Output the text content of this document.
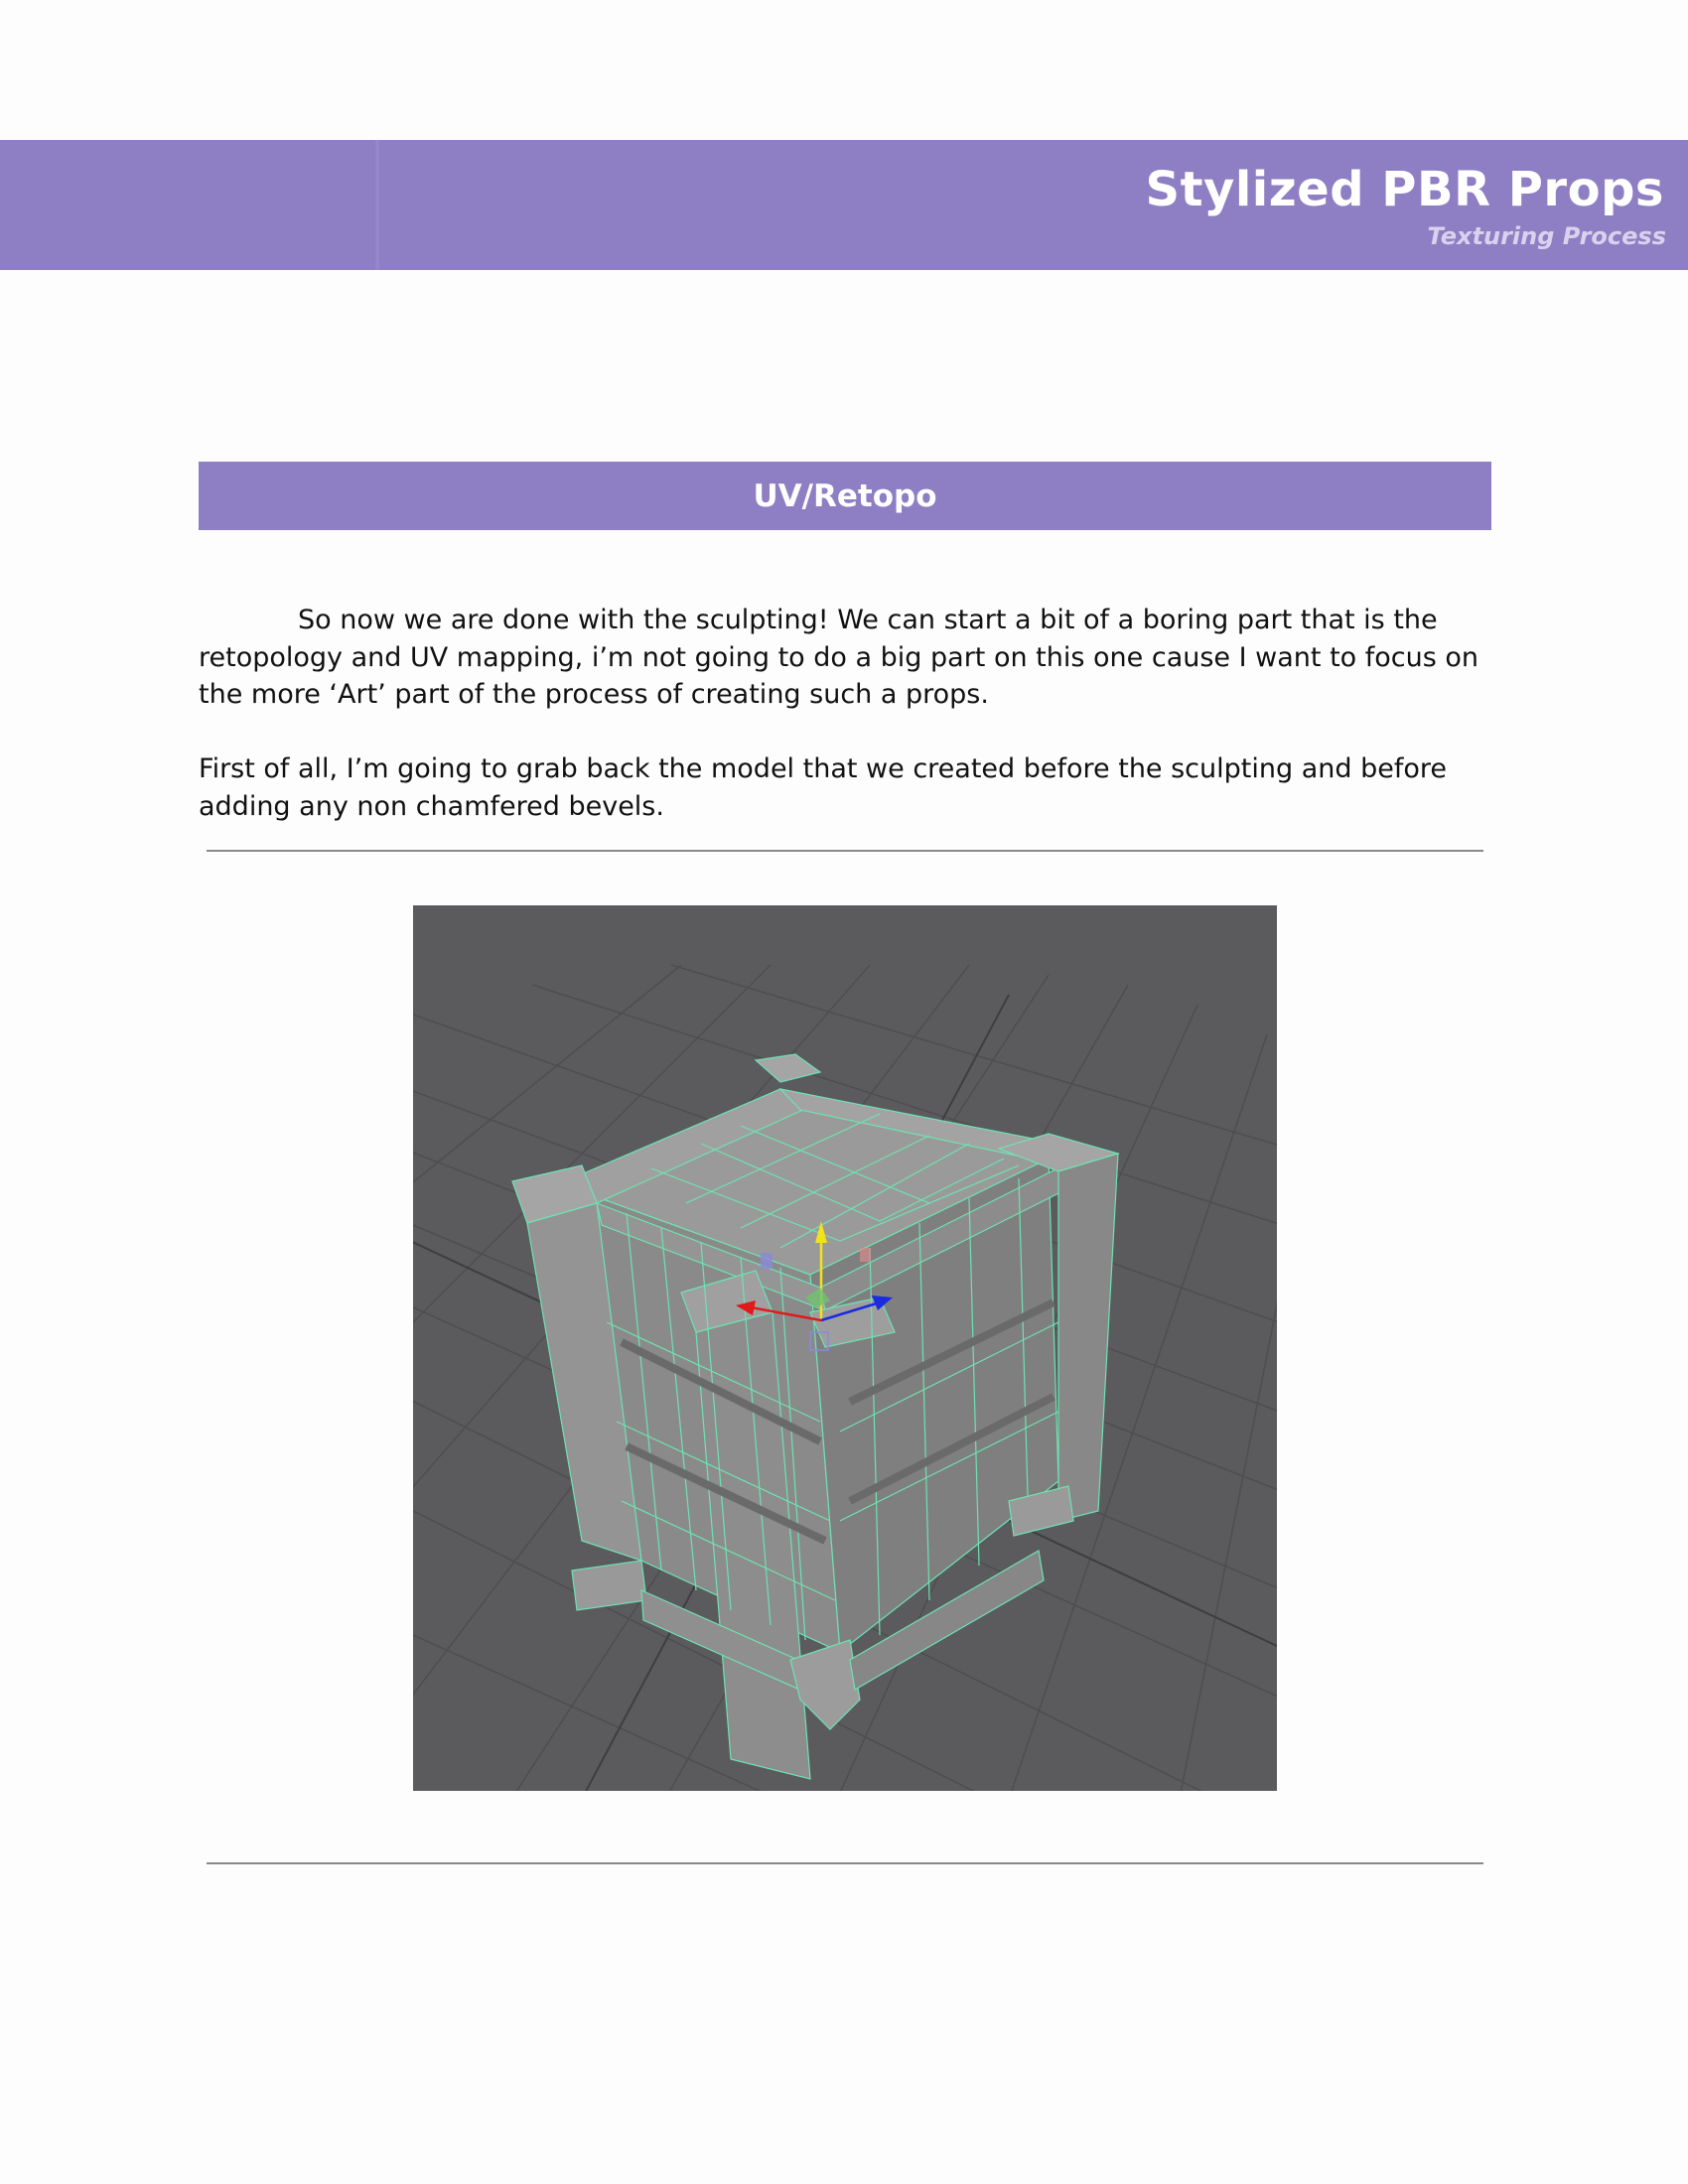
Stylized PBR Props
Texturing Process
UV/Retopo

So now we are done with the sculpting! We can start a bit of a boring part that is the retopology and UV mapping, i’m not going to do a big part on this one cause I want to focus on the more ‘Art’ part of the process of creating such a props.

First of all, I’m going to grab back the model that we created before the sculpting and before adding any non chamfered bevels.
